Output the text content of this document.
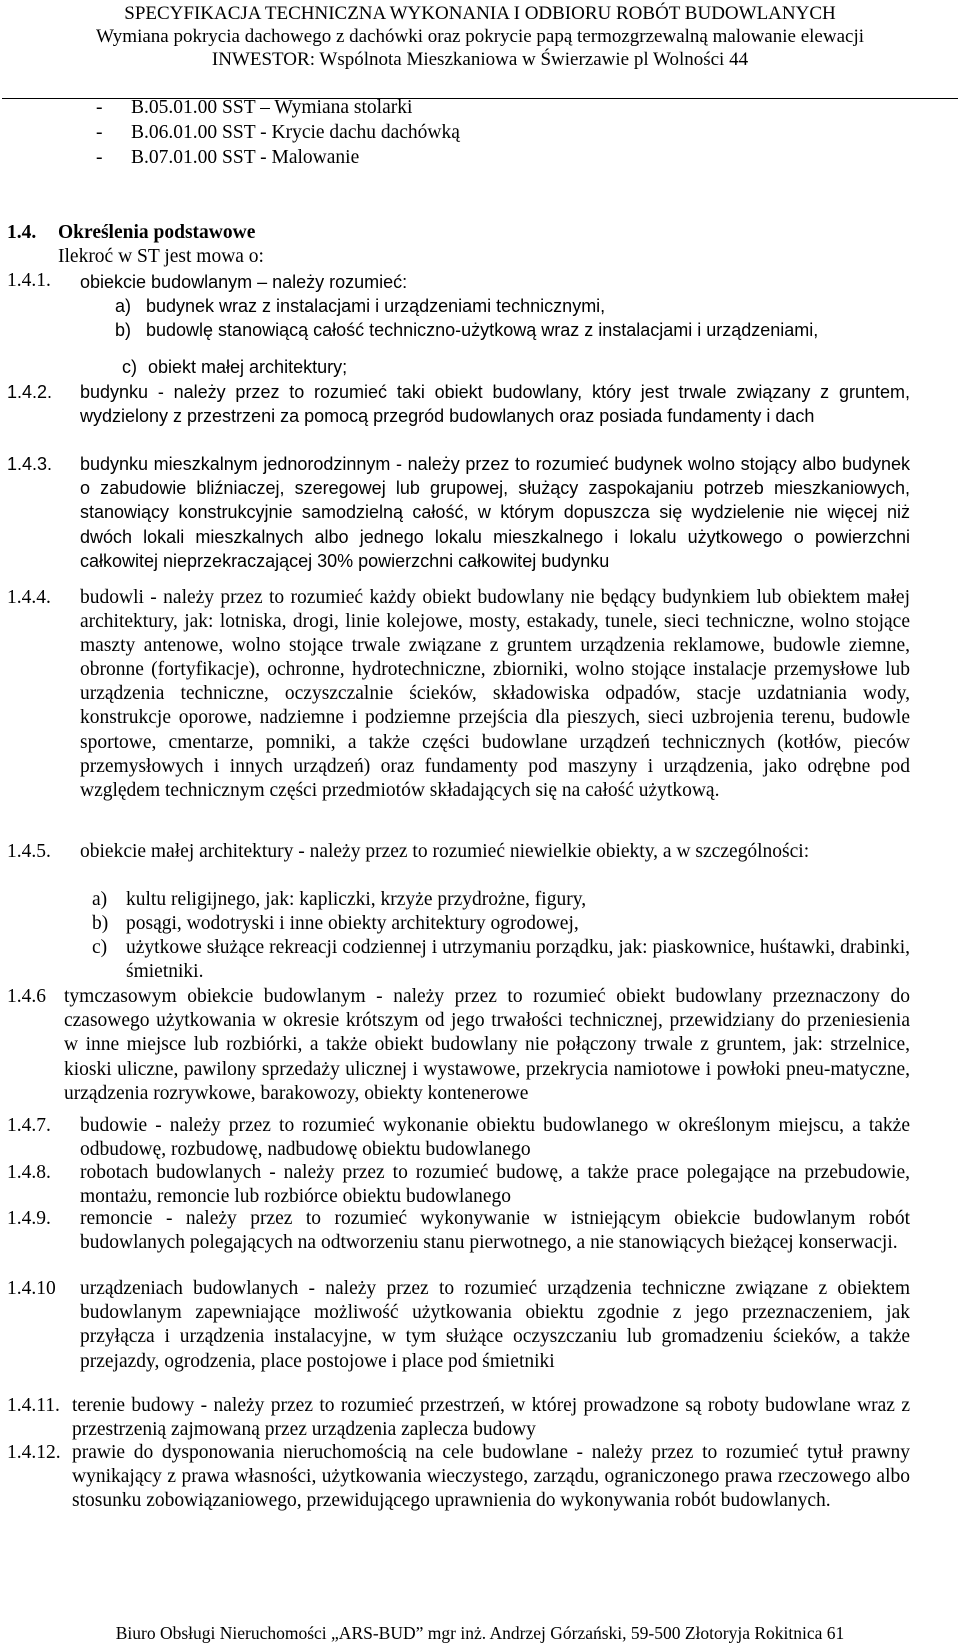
SPECYFIKACJA TECHNICZNA WYKONANIA I ODBIORU ROBÓT BUDOWLANYCH
Wymiana pokrycia dachowego z dachówki oraz pokrycie papą termozgrzewalną malowanie elewacji
INWESTOR: Wspólnota Mieszkaniowa w Świerzawie pl Wolności 44
- B.05.01.00 SST – Wymiana stolarki
- B.06.01.00 SST - Krycie dachu dachówką
- B.07.01.00 SST - Malowanie
1.4. Określenia podstawowe
Ilekroć w ST jest mowa o:
1.4.1. obiekcie budowlanym – należy rozumieć:
a) budynek wraz z instalacjami i urządzeniami technicznymi,
b) budowlę stanowiącą całość techniczno-użytkową wraz z instalacjami i urządzeniami,
c) obiekt małej architektury;
1.4.2. budynku - należy przez to rozumieć taki obiekt budowlany, który jest trwale związany z gruntem, wydzielony z przestrzeni za pomocą przegród budowlanych oraz posiada fundamenty i dach
1.4.3. budynku mieszkalnym jednorodzinnym - należy przez to rozumieć budynek wolno stojący albo budynek o zabudowie bliźniaczej, szeregowej lub grupowej, służący zaspokajaniu potrzeb mieszkaniowych, stanowiący konstrukcyjnie samodzielną całość, w którym dopuszcza się wydzielenie nie więcej niż dwóch lokali mieszkalnych albo jednego lokalu mieszkalnego i lokalu użytkowego o powierzchni całkowitej nieprzekraczającej 30% powierzchni całkowitej budynku
1.4.4. budowli - należy przez to rozumieć każdy obiekt budowlany nie będący budynkiem lub obiektem małej architektury, jak: lotniska, drogi, linie kolejowe, mosty, estakady, tunele, sieci techniczne, wolno stojące maszty antenowe, wolno stojące trwale związane z gruntem urządzenia reklamowe, budowle ziemne, obronne (fortyfikacje), ochronne, hydrotechniczne, zbiorniki, wolno stojące instalacje przemysłowe lub urządzenia techniczne, oczyszczalnie ścieków, składowiska odpadów, stacje uzdatniania wody, konstrukcje oporowe, nadziemne i podziemne przejścia dla pieszych, sieci uzbrojenia terenu, budowle sportowe, cmentarze, pomniki, a także części budowlane urządzeń technicznych (kotłów, pieców przemysłowych i innych urządzeń) oraz fundamenty pod maszyny i urządzenia, jako odrębne pod względem technicznym części przedmiotów składających się na całość użytkową.
1.4.5. obiekcie małej architektury - należy przez to rozumieć niewielkie obiekty, a w szczególności:
a) kultu religijnego, jak: kapliczki, krzyże przydrożne, figury,
b) posągi, wodotryski i inne obiekty architektury ogrodowej,
c) użytkowe służące rekreacji codziennej i utrzymaniu porządku, jak: piaskownice, huśtawki, drabinki, śmietniki.
1.4.6 tymczasowym obiekcie budowlanym - należy przez to rozumieć obiekt budowlany przeznaczony do czasowego użytkowania w okresie krótszym od jego trwałości technicznej, przewidziany do przeniesienia w inne miejsce lub rozbiórki, a także obiekt budowlany nie połączony trwale z gruntem, jak: strzelnice, kioski uliczne, pawilony sprzedaży ulicznej i wystawowe, przekrycia namiotowe i powłoki pneu-matyczne, urządzenia rozrywkowe, barakowozy, obiekty kontenerowe
1.4.7. budowie - należy przez to rozumieć wykonanie obiektu budowlanego w określonym miejscu, a także odbudowę, rozbudowę, nadbudowę obiektu budowlanego
1.4.8. robotach budowlanych - należy przez to rozumieć budowę, a także prace polegające na przebudowie, montażu, remoncie lub rozbiórce obiektu budowlanego
1.4.9. remoncie - należy przez to rozumieć wykonywanie w istniejącym obiekcie budowlanym robót budowlanych polegających na odtworzeniu stanu pierwotnego, a nie stanowiących bieżącej konserwacji.
1.4.10 urządzeniach budowlanych - należy przez to rozumieć urządzenia techniczne związane z obiektem budowlanym zapewniające możliwość użytkowania obiektu zgodnie z jego przeznaczeniem, jak przyłącza i urządzenia instalacyjne, w tym służące oczyszczaniu lub gromadzeniu ścieków, a także przejazdy, ogrodzenia, place postojowe i place pod śmietniki
1.4.11. terenie budowy - należy przez to rozumieć przestrzeń, w której prowadzone są roboty budowlane wraz z przestrzenią zajmowaną przez urządzenia zaplecza budowy
1.4.12. prawie do dysponowania nieruchomością na cele budowlane - należy przez to rozumieć tytuł prawny wynikający z prawa własności, użytkowania wieczystego, zarządu, ograniczonego prawa rzeczowego albo stosunku zobowiązaniowego, przewidującego uprawnienia do wykonywania robót budowlanych.
Biuro Obsługi Nieruchomości „ARS-BUD” mgr inż. Andrzej Górzański, 59-500 Złotoryja Rokitnica 61
